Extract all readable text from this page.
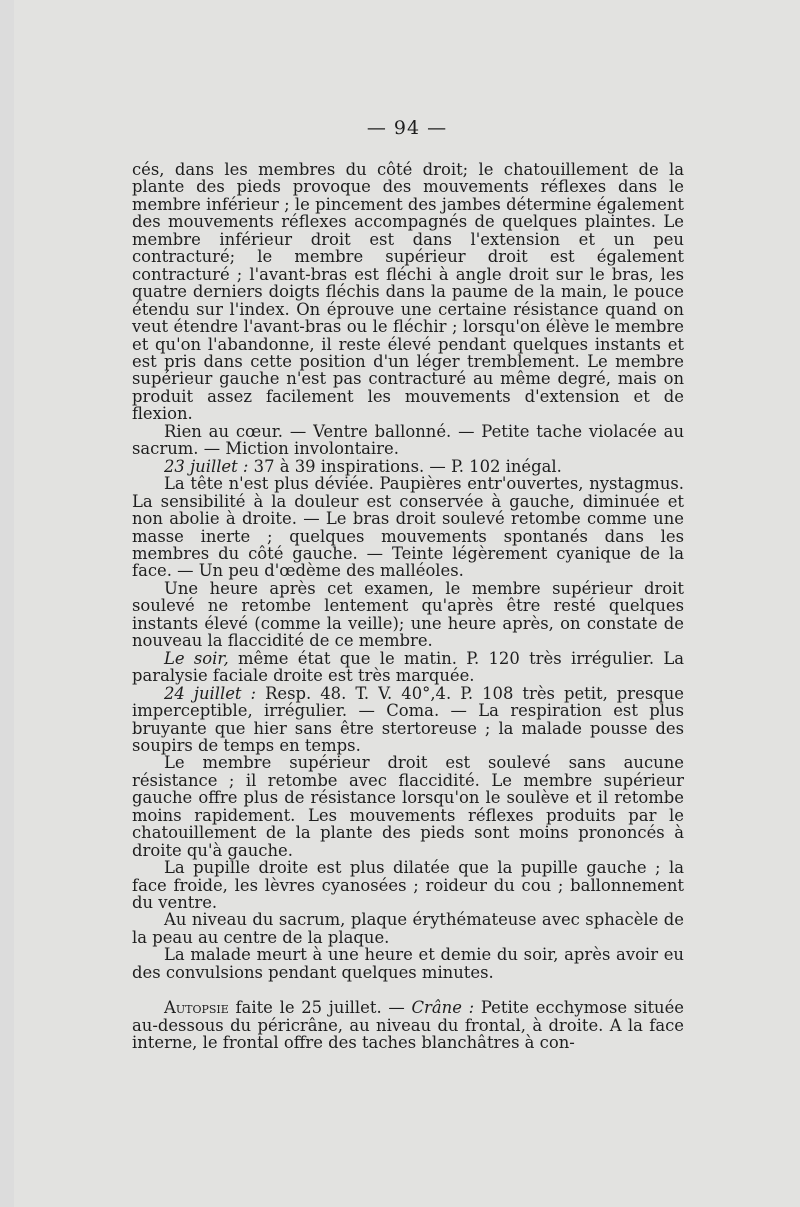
— 94 —

cés, dans les membres du côté droit; le chatouillement de la plante des pieds provoque des mouvements réflexes dans le membre inférieur ; le pincement des jambes détermine également des mouvements réflexes accompagnés de quelques plaintes. Le membre inférieur droit est dans l'extension et un peu contracturé; le membre supérieur droit est également contracturé ; l'avant-bras est fléchi à angle droit sur le bras, les quatre derniers doigts fléchis dans la paume de la main, le pouce étendu sur l'index. On éprouve une certaine résistance quand on veut étendre l'avant-bras ou le fléchir ; lorsqu'on élève le membre et qu'on l'abandonne, il reste élevé pendant quelques instants et est pris dans cette position d'un léger tremblement. Le membre supérieur gauche n'est pas contracturé au même degré, mais on produit assez facilement les mouvements d'extension et de flexion.

Rien au cœur. — Ventre ballonné. — Petite tache violacée au sacrum. — Miction involontaire.

23 juillet : 37 à 39 inspirations. — P. 102 inégal.

La tête n'est plus déviée. Paupières entr'ouvertes, nystagmus. La sensibilité à la douleur est conservée à gauche, diminuée et non abolie à droite. — Le bras droit soulevé retombe comme une masse inerte ; quelques mouvements spontanés dans les membres du côté gauche. — Teinte légèrement cyanique de la face. — Un peu d'œdème des malléoles.

Une heure après cet examen, le membre supérieur droit soulevé ne retombe lentement qu'après être resté quelques instants élevé (comme la veille); une heure après, on constate de nouveau la flaccidité de ce membre.

Le soir, même état que le matin. P. 120 très irrégulier. La paralysie faciale droite est très marquée.

24 juillet : Resp. 48. T. V. 40°,4. P. 108 très petit, presque imperceptible, irrégulier. — Coma. — La respiration est plus bruyante que hier sans être stertoreuse ; la malade pousse des soupirs de temps en temps.

Le membre supérieur droit est soulevé sans aucune résistance ; il retombe avec flaccidité. Le membre supérieur gauche offre plus de résistance lorsqu'on le soulève et il retombe moins rapidement. Les mouvements réflexes produits par le chatouillement de la plante des pieds sont moins prononcés à droite qu'à gauche.

La pupille droite est plus dilatée que la pupille gauche ; la face froide, les lèvres cyanosées ; roideur du cou ; ballonnement du ventre.

Au niveau du sacrum, plaque érythémateuse avec sphacèle de la peau au centre de la plaque.

La malade meurt à une heure et demie du soir, après avoir eu des convulsions pendant quelques minutes.

Autopsie faite le 25 juillet. — Crâne : Petite ecchymose située au-dessous du péricrâne, au niveau du frontal, à droite. A la face interne, le frontal offre des taches blanchâtres à con-
